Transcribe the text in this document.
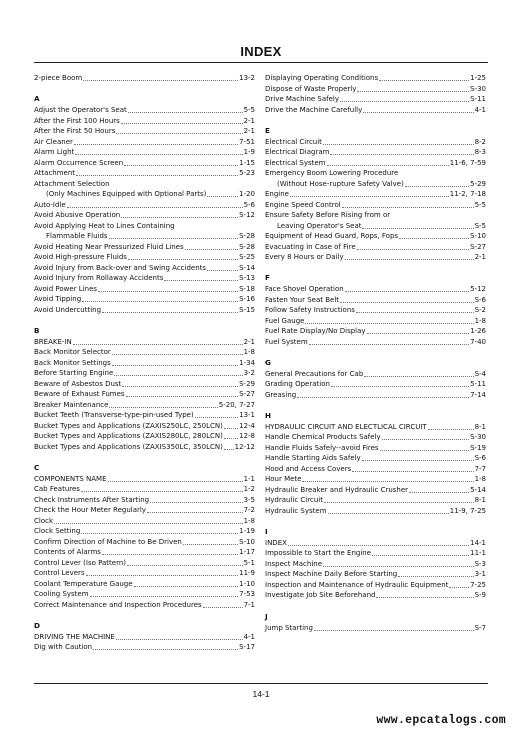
INDEX
2-piece Boom	13-2
A
Adjust the Operator's Seat	5-5
After the First 100 Hours	2-1
After the First 50 Hours	2-1
Air Cleaner	7-51
Alarm Light	1-9
Alarm Occurrence Screen	1-15
Attachment	5-23
Attachment Selection
(Only Machines Equipped with Optional Parts)	1-20
Auto-Idle	5-6
Avoid Abusive Operation	S-12
Avoid Applying Heat to Lines Containing
Flammable Fluids	S-28
Avoid Heating Near Pressurized Fluid Lines	S-28
Avoid High-pressure Fluids	S-25
Avoid Injury from Back-over and Swing Accidents	S-14
Avoid Injury from Rollaway Accidents	S-13
Avoid Power Lines	S-18
Avoid Tipping	S-16
Avoid Undercutting	S-15
B
BREAKE-IN	2-1
Back Monitor Selector	1-8
Back Monitor Settings	1-34
Before Starting Engine	3-2
Beware of Asbestos Dust	S-29
Beware of Exhaust Fumes	S-27
Breaker Maintenance	5-20, 7-27
Bucket Teeth (Transverse-type-pin-used Type)	13-1
Bucket Types and Applications (ZAXIS250LC, 250LCN) 12-4
Bucket Types and Applications (ZAXIS280LC, 280LCN) 12-8
Bucket Types and Applications (ZAXIS350LC, 350LCN) 12-12
C
COMPONENTS NAME	1-1
Cab Features	1-2
Check Instruments After Starting	3-5
Check the Hour Meter Regularly	7-2
Clock	1-8
Clock Setting	1-19
Confirm Direction of Machine to Be Driven	S-10
Contents of Alarms	1-17
Control Lever (Iso Pattern)	5-1
Control Levers	11-9
Coolant Temperature Gauge	1-10
Cooling System	7-53
Correct Maintenance and Inspection Procedures	7-1
D
DRIVING THE MACHINE	4-1
Dig with Caution	S-17
Displaying Operating Conditions	1-25
Dispose of Waste Properly	S-30
Drive Machine Safely	S-11
Drive the Machine Carefully	4-1
E
Electrical Circuit	8-2
Electrical Diagram	8-3
Electrical System	11-6, 7-59
Emergency Boom Lowering Procedure
(Without Hose-rupture Safety Valve)	5-29
Engine	11-2, 7-18
Engine Speed Control	5-5
Ensure Safety Before Rising from or
Leaving Operator's Seat	S-5
Equipment of Head Guard, Rops, Fops	S-10
Evacuating in Case of Fire	S-27
Every 8 Hours or Daily	2-1
F
Face Shovel Operation	5-12
Fasten Your Seat Belt	S-6
Follow Safety Instructions	S-2
Fuel Gauge	1-8
Fuel Rate Display/No Display	1-26
Fuel System	7-40
G
General Precautions for Cab	S-4
Grading Operation	5-11
Greasing	7-14
H
HYDRAULIC CIRCUIT AND ELECTLICAL CIRCUIT	8-1
Handle Chemical Products Safely	S-30
Handle Fluids Safely--avoid Fires	S-19
Handle Starting Aids Safely	S-6
Hood and Access Covers	7-7
Hour Mete	1-8
Hydraulic Breaker and Hydraulic Crusher	5-14
Hydraulic Circuit	8-1
Hydraulic System	11-9, 7-25
I
INDEX	14-1
Impossible to Start the Engine	11-1
Inspect Machine	S-3
Inspect Machine Daily Before Starting	3-1
Inspection and Maintenance of Hydraulic Equipment	7-25
Investigate Job Site Beforehand	S-9
J
Jump Starting	S-7
14-1
www.epcatalogs.com
